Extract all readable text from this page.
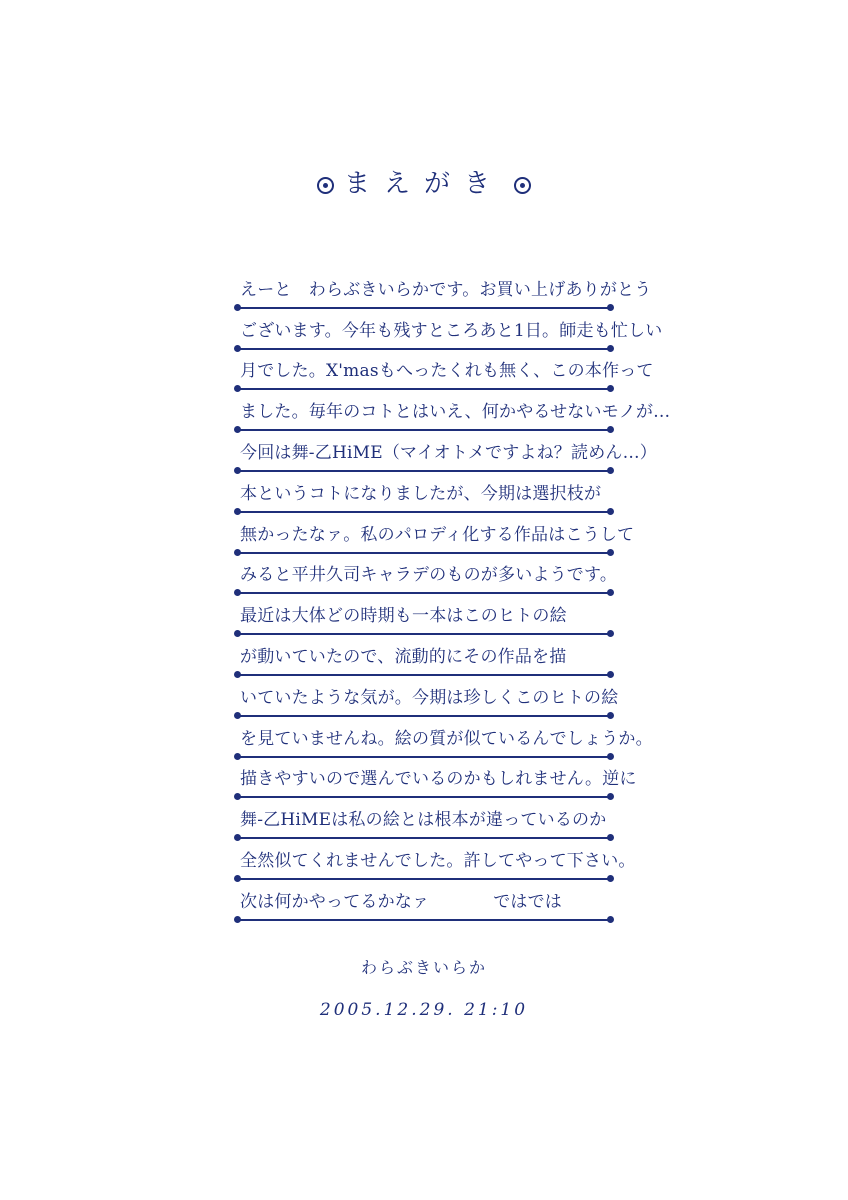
まえがき
えーと　わらぶきいらかです。お買い上げありがとう
ございます。今年も残すところあと1日。師走も忙しい
月でした。X'masもへったくれも無く、この本作って
ました。毎年のコトとはいえ、何かやるせないモノが…
今回は舞-乙HiME（マイオトメですよね？読めん…）
本というコトになりましたが、今期は選択枝が
無かったなァ。私のパロディ化する作品はこうして
みると平井久司キャラデのものが多いようです。
最近は大体どの時期も一本はこのヒトの絵
が動いていたので、流動的にその作品を描
いていたような気が。今期は珍しくこのヒトの絵
を見ていませんね。絵の質が似ているんでしょうか。
描きやすいので選んでいるのかもしれません。逆に
舞-乙HiMEは私の絵とは根本が違っているのか
全然似てくれませんでした。許してやって下さい。
次は何かやってるかなァ	ではでは
わらぶきいらか
2005.12.29. 21:10
